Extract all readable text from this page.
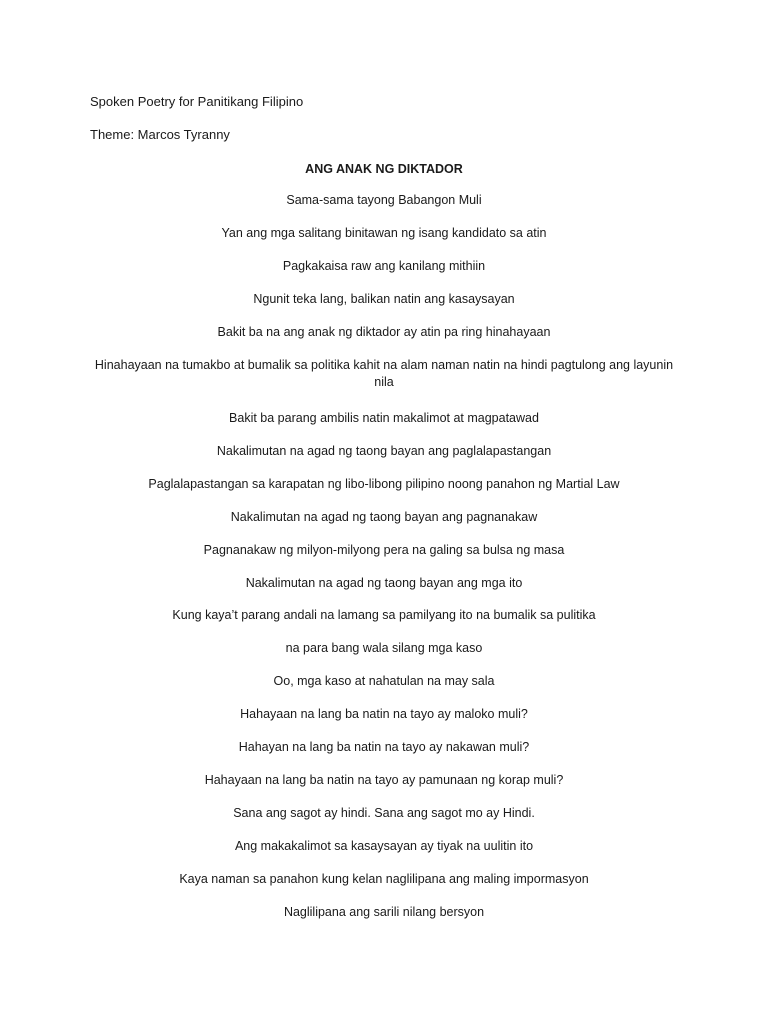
Spoken Poetry for Panitikang Filipino
Theme: Marcos Tyranny
ANG ANAK NG DIKTADOR
Sama-sama tayong Babangon Muli
Yan ang mga salitang binitawan ng isang kandidato sa atin
Pagkakaisa raw ang kanilang mithiin
Ngunit teka lang, balikan natin ang kasaysayan
Bakit ba na ang anak ng diktador ay atin pa ring hinahayaan
Hinahayaan na tumakbo at bumalik sa politika kahit na alam naman natin na hindi pagtulong ang layunin nila
Bakit ba parang ambilis natin makalimot at magpatawad
Nakalimutan na agad ng taong bayan ang paglalapastangan
Paglalapastangan sa karapatan ng libo-libong pilipino noong panahon ng Martial Law
Nakalimutan na agad ng taong bayan ang pagnanakaw
Pagnanakaw ng milyon-milyong pera na galing sa bulsa ng masa
Nakalimutan na agad ng taong bayan ang mga ito
Kung kaya’t parang andali na lamang sa pamilyang ito na bumalik sa pulitika
na para bang wala silang mga kaso
Oo, mga kaso at nahatulan na may sala
Hahayaan na lang ba natin na tayo ay maloko muli?
Hahayan na lang ba natin na tayo ay nakawan muli?
Hahayaan na lang ba natin na tayo ay pamunaan ng korap muli?
Sana ang sagot ay hindi. Sana ang sagot mo ay Hindi.
Ang makakalimot sa kasaysayan ay tiyak na uulitin ito
Kaya naman sa panahon kung kelan naglilipana ang maling impormasyon
Naglilipana ang sarili nilang bersyon
